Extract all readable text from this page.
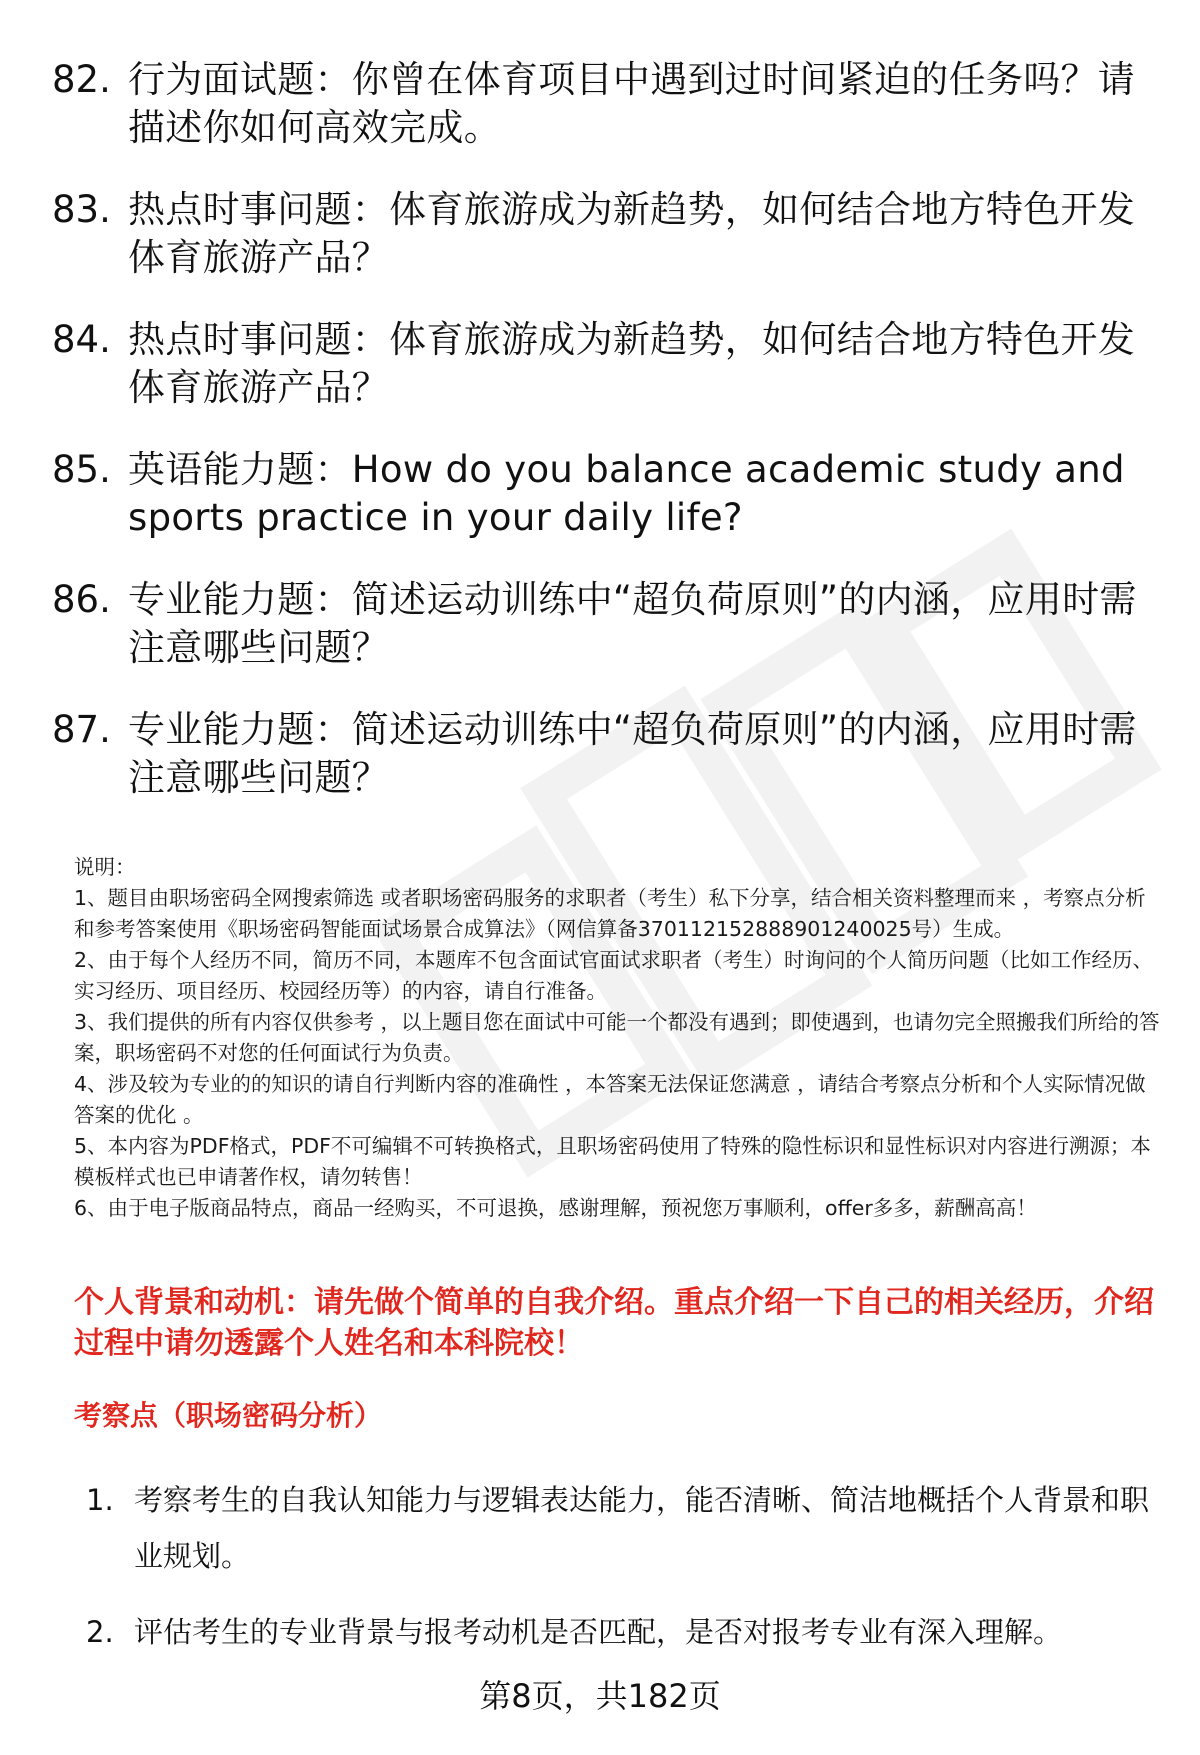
82. 行为面试题：你曾在体育项目中遇到过时间紧迫的任务吗？请描述你如何高效完成。
83. 热点时事问题：体育旅游成为新趋势，如何结合地方特色开发体育旅游产品？
84. 热点时事问题：体育旅游成为新趋势，如何结合地方特色开发体育旅游产品？
85. 英语能力题：How do you balance academic study and sports practice in your daily life?
86. 专业能力题：简述运动训练中“超负荷原则”的内涵，应用时需注意哪些问题？
87. 专业能力题：简述运动训练中“超负荷原则”的内涵，应用时需注意哪些问题？

说明：

1、题目由职场密码全网搜索筛选 或者职场密码服务的求职者（考生）私下分享，结合相关资料整理而来 ，考察点分析和参考答案使用《职场密码智能面试场景合成算法》（网信算备370112152888901240025号）生成。

2、由于每个人经历不同，简历不同，本题库不包含面试官面试求职者（考生）时询问的个人简历问题（比如工作经历、实习经历、项目经历、校园经历等）的内容，请自行准备。

3、我们提供的所有内容仅供参考 ，以上题目您在面试中可能一个都没有遇到；即使遇到，也请勿完全照搬我们所给的答案，职场密码不对您的任何面试行为负责。

4、涉及较为专业的的知识的请自行判断内容的准确性 ，本答案无法保证您满意 ，请结合考察点分析和个人实际情况做答案的优化 。

5、本内容为PDF格式，PDF不可编辑不可转换格式，且职场密码使用了特殊的隐性标识和显性标识对内容进行溯源；本模板样式也已申请著作权，请勿转售！

6、由于电子版商品特点，商品一经购买，不可退换，感谢理解，预祝您万事顺利，offer多多，薪酬高高！

个人背景和动机：请先做个简单的自我介绍。重点介绍一下自己的相关经历，介绍过程中请勿透露个人姓名和本科院校！
考察点（职场密码分析）
1. 考察考生的自我认知能力与逻辑表达能力，能否清晰、简洁地概括个人背景和职业规划。
2. 评估考生的专业背景与报考动机是否匹配，是否对报考专业有深入理解。
第8页，共182页
